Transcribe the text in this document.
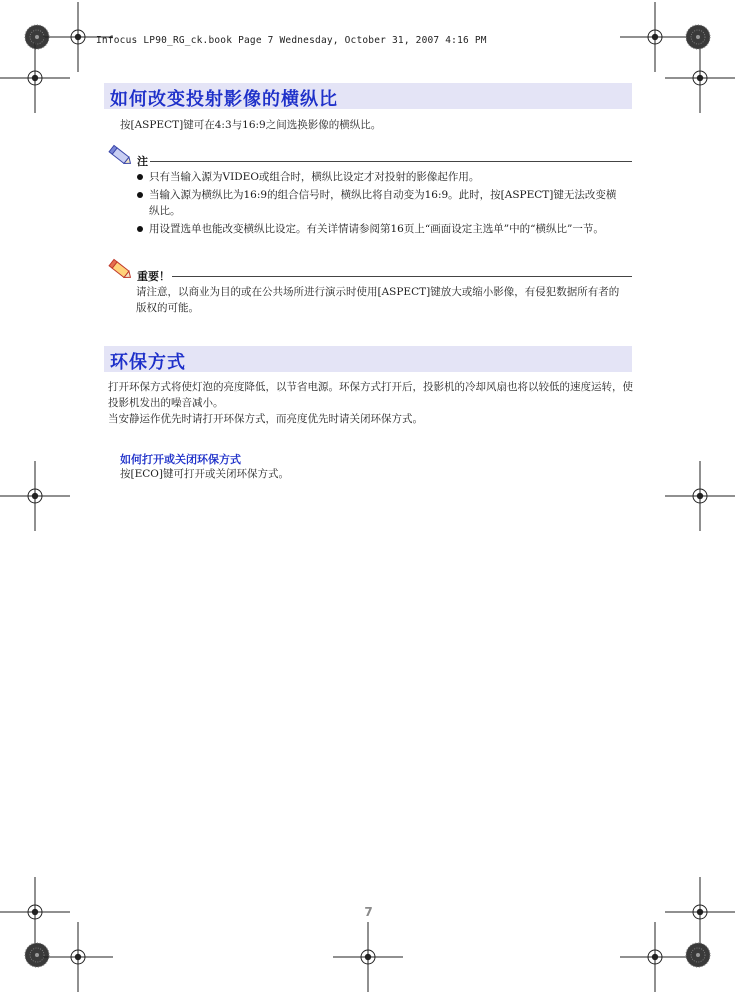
Infocus LP90_RG_ck.book Page 7 Wednesday, October 31, 2007 4:16 PM
如何改变投射影像的横纵比
按[ASPECT]键可在4:3与16:9之间选换影像的横纵比。
注
只有当输入源为VIDEO或组合时，横纵比设定才对投射的影像起作用。
当输入源为横纵比为16:9的组合信号时，横纵比将自动变为16:9。此时，按[ASPECT]键无法改变横纵比。
用设置选单也能改变横纵比设定。有关详情请参阅第16页上“画面设定主选单”中的“横纵比”一节。
重要！
请注意，以商业为目的或在公共场所进行演示时使用[ASPECT]键放大或缩小影像，有侵犯数据所有者的版权的可能。
环保方式
打开环保方式将使灯泡的亮度降低，以节省电源。环保方式打开后，投影机的冷却风扇也将以较低的速度运转，使投影机发出的噪音减小。
当安静运作优先时请打开环保方式，而亮度优先时请关闭环保方式。
如何打开或关闭环保方式
按[ECO]键可打开或关闭环保方式。
7
